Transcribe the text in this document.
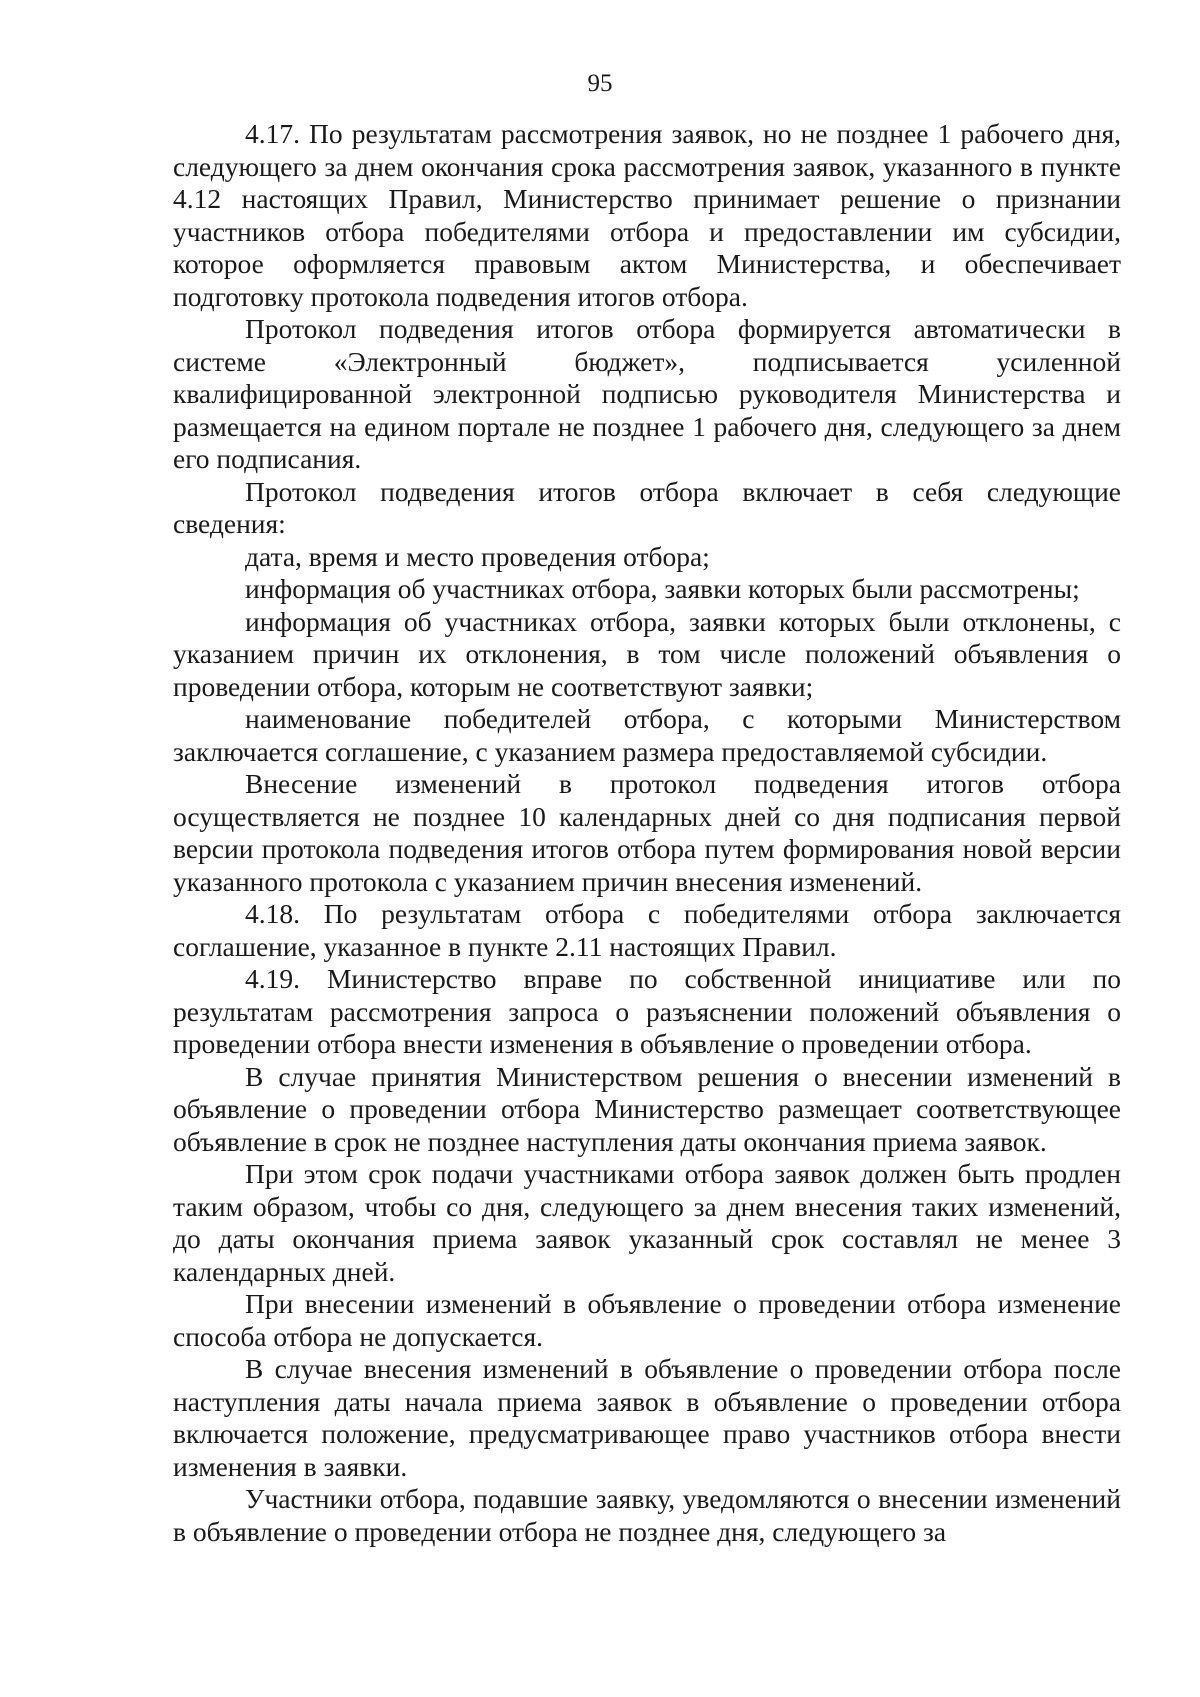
95

4.17. По результатам рассмотрения заявок, но не позднее 1 рабочего дня, следующего за днем окончания срока рассмотрения заявок, указанного в пункте 4.12 настоящих Правил, Министерство принимает решение о признании участников отбора победителями отбора и предоставлении им субсидии, которое оформляется правовым актом Министерства, и обеспечивает подготовку протокола подведения итогов отбора.

Протокол подведения итогов отбора формируется автоматически в системе «Электронный бюджет», подписывается усиленной квалифицированной электронной подписью руководителя Министерства и размещается на едином портале не позднее 1 рабочего дня, следующего за днем его подписания.

Протокол подведения итогов отбора включает в себя следующие сведения:

дата, время и место проведения отбора;

информация об участниках отбора, заявки которых были рассмотрены;

информация об участниках отбора, заявки которых были отклонены, с указанием причин их отклонения, в том числе положений объявления о проведении отбора, которым не соответствуют заявки;

наименование победителей отбора, с которыми Министерством заключается соглашение, с указанием размера предоставляемой субсидии.

Внесение изменений в протокол подведения итогов отбора осуществляется не позднее 10 календарных дней со дня подписания первой версии протокола подведения итогов отбора путем формирования новой версии указанного протокола с указанием причин внесения изменений.

4.18. По результатам отбора с победителями отбора заключается соглашение, указанное в пункте 2.11 настоящих Правил.

4.19. Министерство вправе по собственной инициативе или по результатам рассмотрения запроса о разъяснении положений объявления о проведении отбора внести изменения в объявление о проведении отбора.

В случае принятия Министерством решения о внесении изменений в объявление о проведении отбора Министерство размещает соответствующее объявление в срок не позднее наступления даты окончания приема заявок.

При этом срок подачи участниками отбора заявок должен быть продлен таким образом, чтобы со дня, следующего за днем внесения таких изменений, до даты окончания приема заявок указанный срок составлял не менее 3 календарных дней.

При внесении изменений в объявление о проведении отбора изменение способа отбора не допускается.

В случае внесения изменений в объявление о проведении отбора после наступления даты начала приема заявок в объявление о проведении отбора включается положение, предусматривающее право участников отбора внести изменения в заявки.

Участники отбора, подавшие заявку, уведомляются о внесении изменений в объявление о проведении отбора не позднее дня, следующего за
